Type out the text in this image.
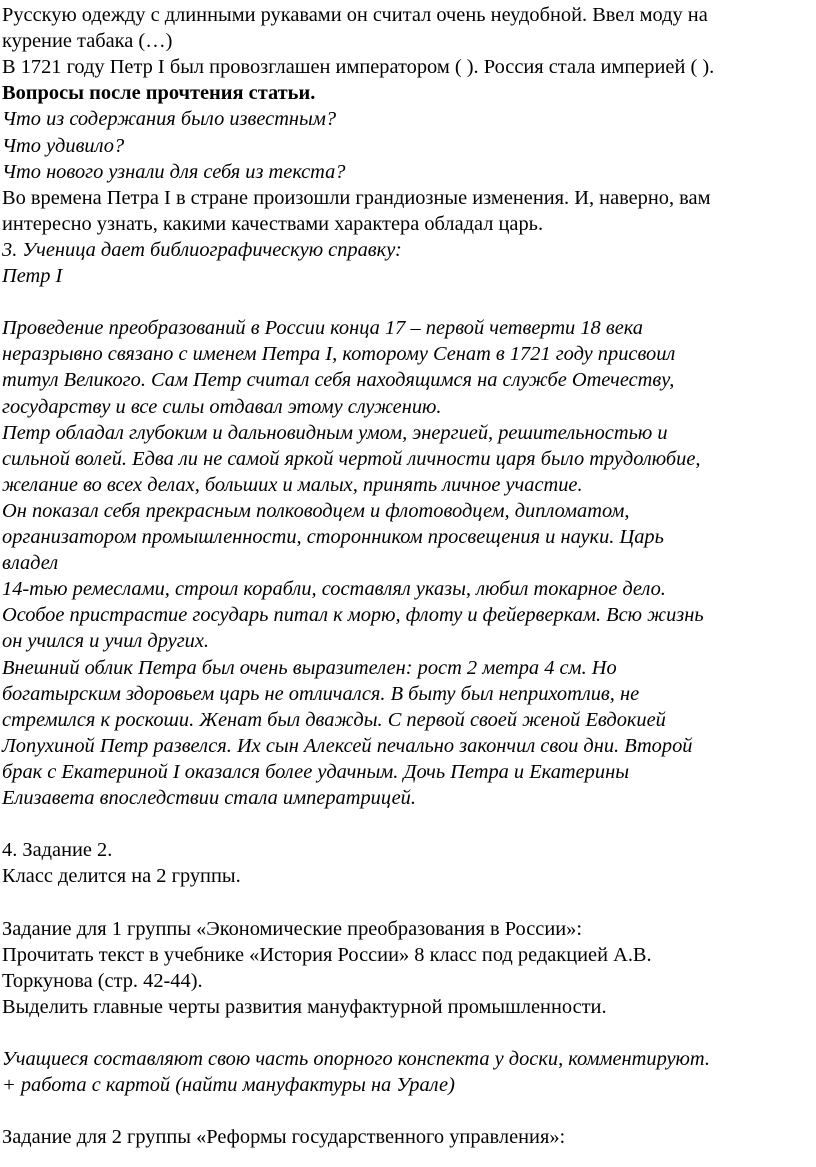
Русскую одежду с длинными рукавами он считал очень неудобной. Ввел моду на
курение табака (…)
В 1721 году Петр I был провозглашен императором ( ). Россия стала империей ( ).
Вопросы после прочтения статьи.
Что из содержания было известным?
Что удивило?
Что нового узнали для себя из текста?
Во времена Петра I в стране произошли грандиозные изменения. И, наверно, вам
интересно узнать, какими качествами характера обладал царь.
3. Ученица дает библиографическую справку:
Петр I
Проведение преобразований в России конца 17 – первой четверти 18 века
неразрывно связано с именем Петра I, которому Сенат в 1721 году присвоил
титул Великого. Сам Петр считал себя находящимся на службе Отечеству,
государству и все силы отдавал этому служению.
Петр обладал глубоким и дальновидным умом, энергией, решительностью и
сильной волей. Едва ли не самой яркой чертой личности царя было трудолюбие,
желание во всех делах, больших и малых, принять личное участие.
Он показал себя прекрасным полководцем и флотоводцем, дипломатом,
организатором промышленности, сторонником просвещения и науки. Царь
владел
14-тью ремеслами, строил корабли, составлял указы, любил токарное дело.
Особое пристрастие государь питал к морю, флоту и фейерверкам. Всю жизнь
он учился и учил других.
Внешний облик Петра был очень выразителен: рост 2 метра 4 см. Но
богатырским здоровьем царь не отличался. В быту был неприхотлив, не
стремился к роскоши. Женат был дважды. С первой своей женой Евдокией
Лопухиной Петр развелся. Их сын Алексей печально закончил свои дни. Второй
брак с Екатериной I оказался более удачным. Дочь Петра и Екатерины
Елизавета впоследствии стала императрицей.
4. Задание 2.
Класс делится на 2 группы.
Задание для 1 группы «Экономические преобразования в России»:
Прочитать текст в учебнике «История России» 8 класс под редакцией А.В.
Торкунова (стр. 42-44).
Выделить главные черты развития мануфактурной промышленности.
Учащиеся составляют свою часть опорного конспекта у доски, комментируют.
+ работа с картой (найти мануфактуры на Урале)
Задание для 2 группы «Реформы государственного управления»:
